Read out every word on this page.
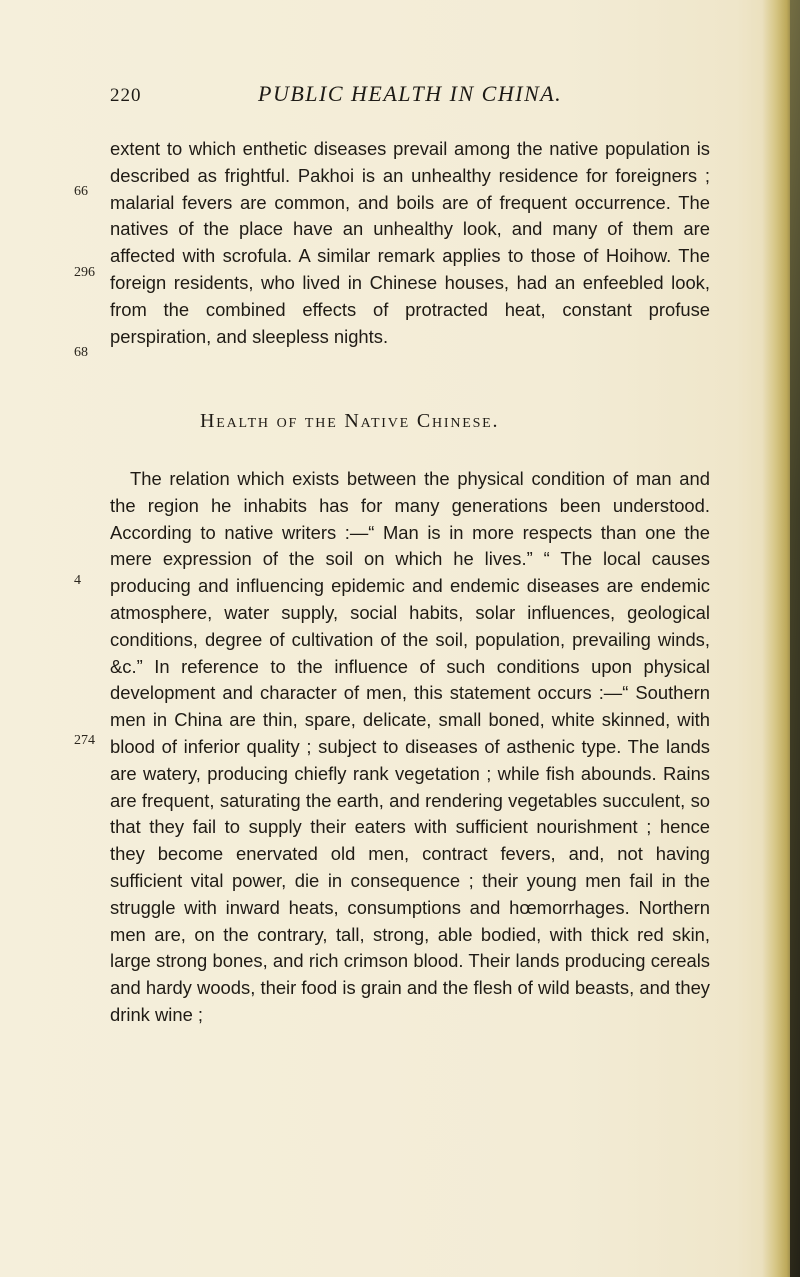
220	PUBLIC HEALTH IN CHINA.
66
296
68
4
274

extent to which enthetic diseases prevail among the native population is described as frightful. Pakhoi is an unhealthy residence for foreigners ; malarial fevers are common, and boils are of frequent occurrence. The natives of the place have an unhealthy look, and many of them are affected with scrofula. A similar remark applies to those of Hoihow. The foreign residents, who lived in Chinese houses, had an enfeebled look, from the combined effects of protracted heat, constant profuse perspiration, and sleepless nights.

Health of the Native Chinese.

The relation which exists between the physical condition of man and the region he inhabits has for many generations been understood. According to native writers :—“ Man is in more respects than one the mere expression of the soil on which he lives.” “ The local causes producing and influencing epidemic and endemic diseases are endemic atmosphere, water supply, social habits, solar influences, geological conditions, degree of cultivation of the soil, population, prevailing winds, &c.” In reference to the influence of such conditions upon physical development and character of men, this statement occurs :—“ Southern men in China are thin, spare, delicate, small boned, white skinned, with blood of inferior quality ; subject to diseases of asthenic type. The lands are watery, producing chiefly rank vegetation ; while fish abounds. Rains are frequent, saturating the earth, and rendering vegetables succulent, so that they fail to supply their eaters with sufficient nourishment ; hence they become enervated old men, contract fevers, and, not having sufficient vital power, die in consequence ; their young men fail in the struggle with inward heats, consumptions and hœmorrhages. Northern men are, on the contrary, tall, strong, able bodied, with thick red skin, large strong bones, and rich crimson blood. Their lands producing cereals and hardy woods, their food is grain and the flesh of wild beasts, and they drink wine ;
